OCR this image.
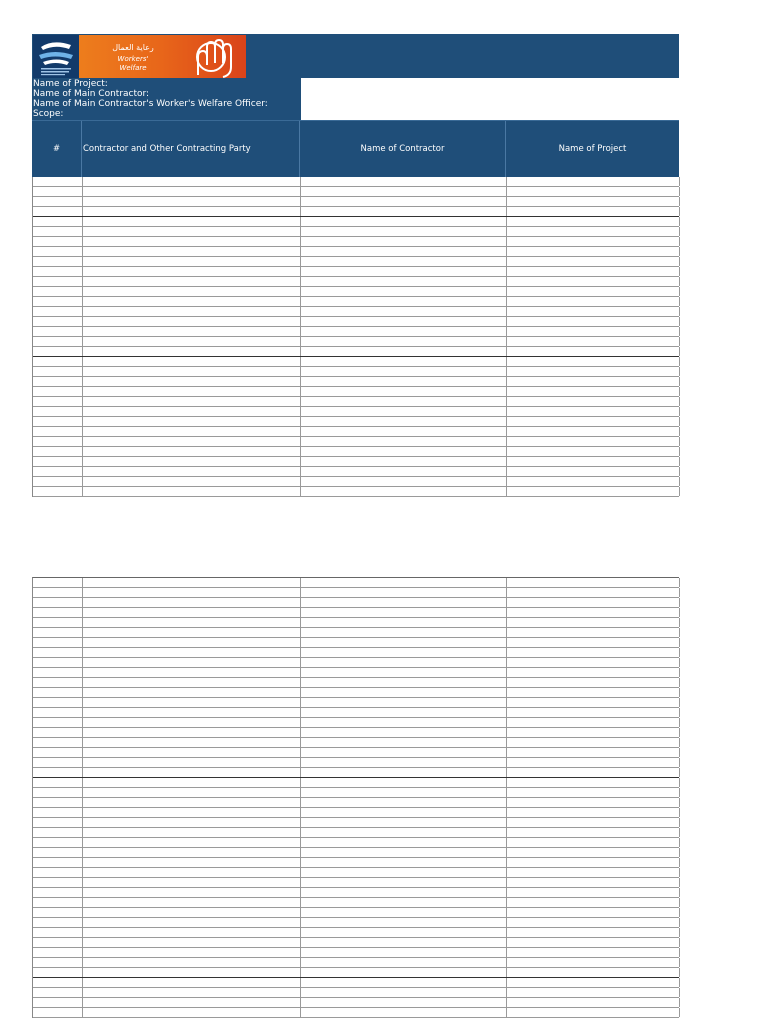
رعاية العمال
Workers'
Welfare
Name of Project:
Name of Main Contractor:
Name of Main Contractor's Worker's Welfare Officer:
Scope:
#	Contractor and Other Contracting Party	Name of Contractor	Name of Project
